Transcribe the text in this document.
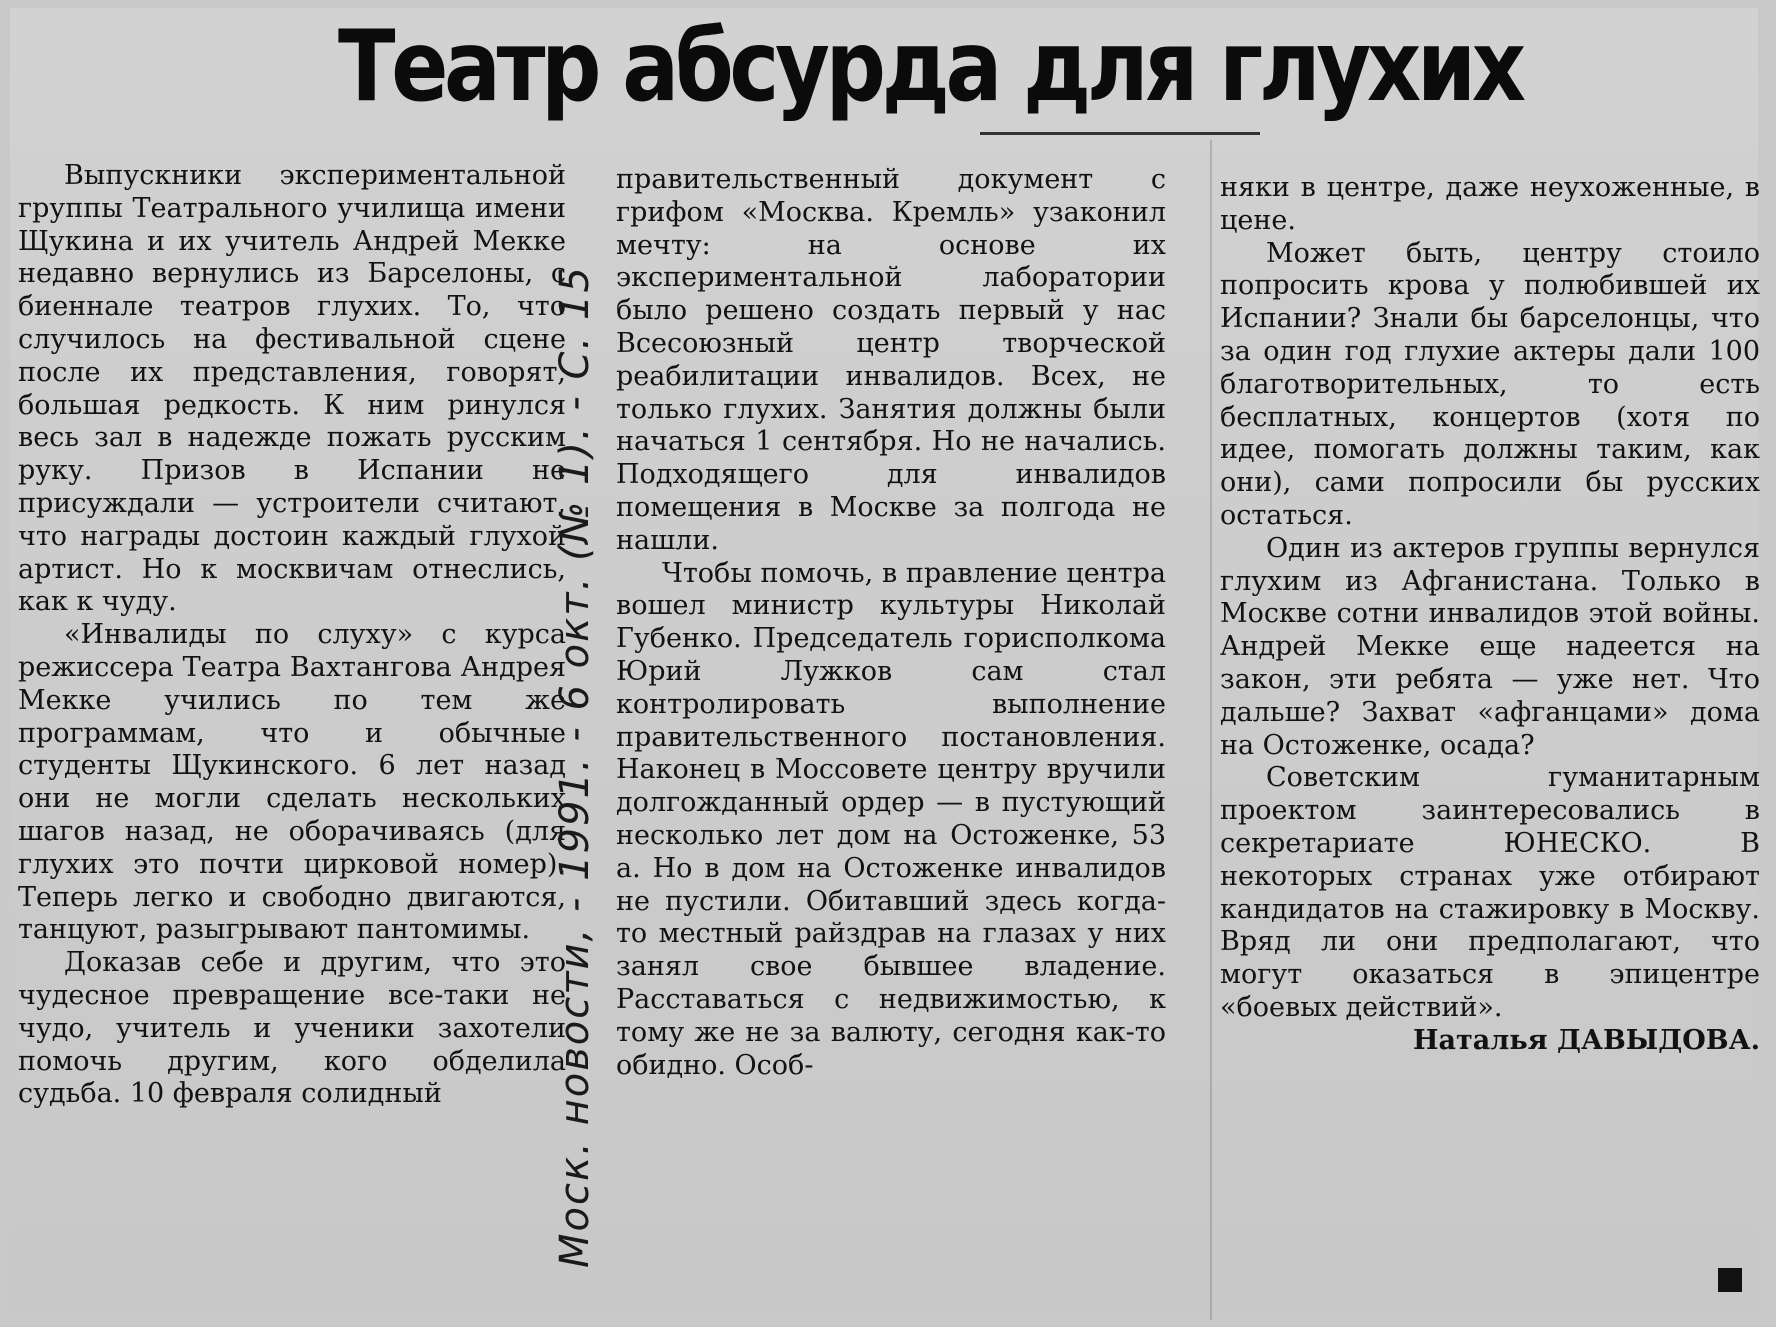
Театр абсурда для глухих

Выпускники экспериментальной группы Театрального училища имени Щукина и их учитель Андрей Мекке недавно вернулись из Барселоны, с биеннале театров глухих. То, что случилось на фестивальной сцене после их представления, говорят, большая редкость. К ним ринулся весь зал в надежде пожать русским руку. Призов в Испании не присуждали — устроители считают, что награды достоин каждый глухой артист. Но к москвичам отнеслись, как к чуду.

«Инвалиды по слуху» с курса режиссера Театра Вахтангова Андрея Мекке учились по тем же программам, что и обычные студенты Щукинского. 6 лет назад они не могли сделать нескольких шагов назад, не оборачиваясь (для глухих это почти цирковой номер). Теперь легко и свободно двигаются, танцуют, разыгрывают пантомимы.

Доказав себе и другим, что это чудесное превращение все-таки не чудо, учитель и ученики захотели помочь другим, кого обделила судьба. 10 февраля солидный

правительственный документ с грифом «Москва. Кремль» узаконил мечту: на основе их экспериментальной лаборатории было решено создать первый у нас Всесоюзный центр творческой реабилитации инвалидов. Всех, не только глухих. Занятия должны были начаться 1 сентября. Но не начались. Подходящего для инвалидов помещения в Москве за полгода не нашли.

Чтобы помочь, в правление центра вошел министр культуры Николай Губенко. Председатель горисполкома Юрий Лужков сам стал контролировать выполнение правительственного постановления. Наконец в Моссовете центру вручили долгожданный ордер — в пустующий несколько лет дом на Остоженке, 53 а. Но в дом на Остоженке инвалидов не пустили. Обитавший здесь когда-то местный райздрав на глазах у них занял свое бывшее владение. Расставаться с недвижимостью, к тому же не за валюту, сегодня как-то обидно. Особ-

няки в центре, даже неухоженные, в цене.

Может быть, центру стоило попросить крова у полюбившей их Испании? Знали бы барселонцы, что за один год глухие актеры дали 100 благотворительных, то есть бесплатных, концертов (хотя по идее, помогать должны таким, как они), сами попросили бы русских остаться.

Один из актеров группы вернулся глухим из Афганистана. Только в Москве сотни инвалидов этой войны. Андрей Мекке еще надеется на закон, эти ребята — уже нет. Что дальше? Захват «афганцами» дома на Остоженке, осада?

Советским гуманитарным проектом заинтересовались в секретариате ЮНЕСКО. В некоторых странах уже отбирают кандидатов на стажировку в Москву. Вряд ли они предполагают, что могут оказаться в эпицентре «боевых действий».

Наталья ДАВЫДОВА.

Моск. новости, - 1991. - 6 окт. (№ 1). - С. 15
